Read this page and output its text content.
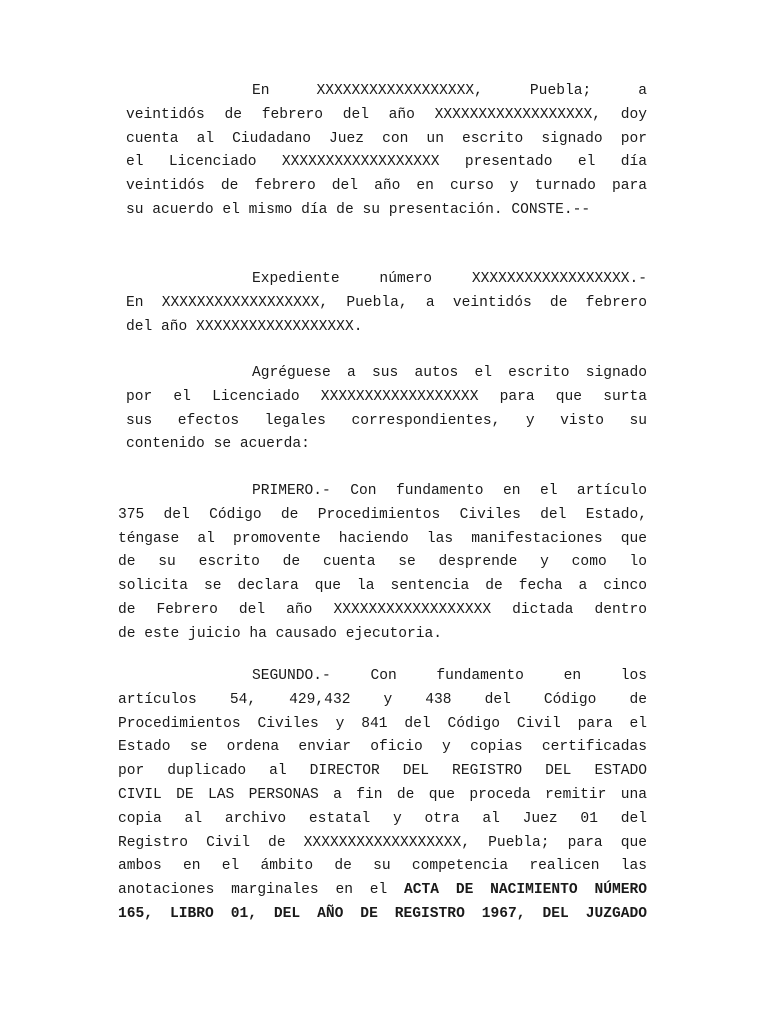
En XXXXXXXXXXXXXXXXXX, Puebla; a
veintidós de febrero del año XXXXXXXXXXXXXXXXXX, doy
cuenta al Ciudadano Juez con un escrito signado por
el Licenciado XXXXXXXXXXXXXXXXXX presentado el día
veintidós de febrero del año en curso y turnado para
su acuerdo el mismo día de su presentación. CONSTE.--
Expediente número XXXXXXXXXXXXXXXXXX.-
En XXXXXXXXXXXXXXXXXX, Puebla, a veintidós de febrero
del año XXXXXXXXXXXXXXXXXX.
Agréguese a sus autos el escrito signado
por el Licenciado XXXXXXXXXXXXXXXXXX para que surta
sus efectos legales correspondientes, y visto su
contenido se acuerda:
PRIMERO.- Con fundamento en el artículo
375 del Código de Procedimientos Civiles del Estado,
téngase al promovente haciendo las manifestaciones que
de su escrito de cuenta se desprende y como lo
solicita se declara que la sentencia de fecha a cinco
de Febrero del año XXXXXXXXXXXXXXXXXX dictada dentro
de este juicio ha causado ejecutoria.
SEGUNDO.- Con fundamento en los
artículos 54, 429,432 y 438 del Código de
Procedimientos Civiles y 841 del Código Civil para el
Estado se ordena enviar oficio y copias certificadas
por duplicado al DIRECTOR DEL REGISTRO DEL ESTADO
CIVIL DE LAS PERSONAS a fin de que proceda remitir una
copia al archivo estatal y otra al Juez 01 del
Registro Civil de XXXXXXXXXXXXXXXXXX, Puebla; para que
ambos en el ámbito de su competencia realicen las
anotaciones marginales en el ACTA DE NACIMIENTO NÚMERO
165, LIBRO 01, DEL AÑO DE REGISTRO 1967, DEL JUZGADO
